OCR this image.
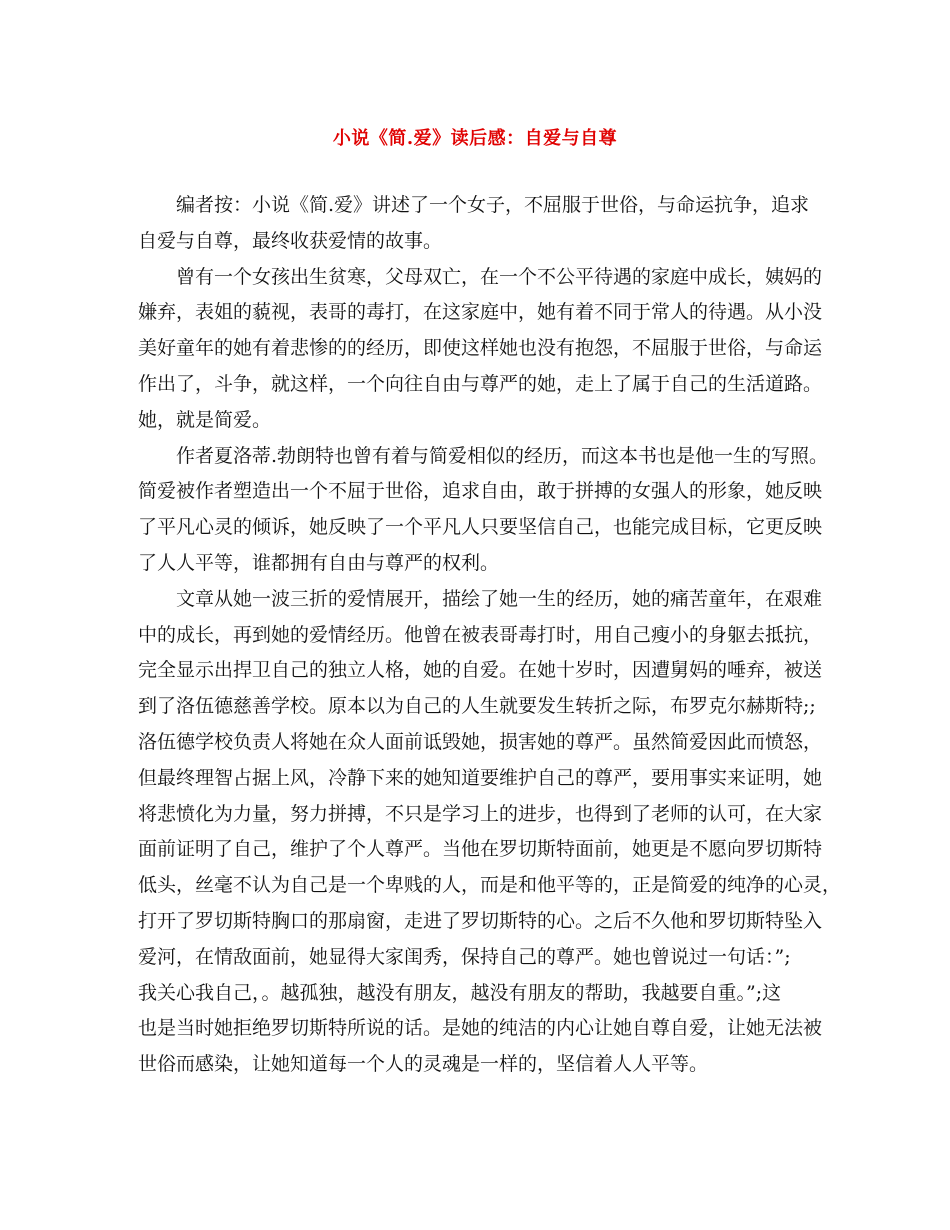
小说《简.爱》读后感：自爱与自尊

编者按：小说《简.爱》讲述了一个女子，不屈服于世俗，与命运抗争，追求
自爱与自尊，最终收获爱情的故事。

曾有一个女孩出生贫寒，父母双亡，在一个不公平待遇的家庭中成长，姨妈的
嫌弃，表姐的藐视，表哥的毒打，在这家庭中，她有着不同于常人的待遇。从小没
美好童年的她有着悲惨的的经历，即使这样她也没有抱怨，不屈服于世俗，与命运
作出了，斗争，就这样，一个向往自由与尊严的她，走上了属于自己的生活道路。
她，就是简爱。

作者夏洛蒂.勃朗特也曾有着与简爱相似的经历，而这本书也是他一生的写照。
简爱被作者塑造出一个不屈于世俗，追求自由，敢于拼搏的女强人的形象，她反映
了平凡心灵的倾诉，她反映了一个平凡人只要坚信自己，也能完成目标，它更反映
了人人平等，谁都拥有自由与尊严的权利。

文章从她一波三折的爱情展开，描绘了她一生的经历，她的痛苦童年，在艰难
中的成长，再到她的爱情经历。他曾在被表哥毒打时，用自己瘦小的身躯去抵抗，
完全显示出捍卫自己的独立人格，她的自爱。在她十岁时，因遭舅妈的唾弃，被送
到了洛伍德慈善学校。原本以为自己的人生就要发生转折之际，布罗克尔赫斯特;;
洛伍德学校负责人将她在众人面前诋毁她，损害她的尊严。虽然简爱因此而愤怒，
但最终理智占据上风，冷静下来的她知道要维护自己的尊严，要用事实来证明，她
将悲愤化为力量，努力拼搏，不只是学习上的进步，也得到了老师的认可，在大家
面前证明了自己，维护了个人尊严。当他在罗切斯特面前，她更是不愿向罗切斯特
低头，丝毫不认为自己是一个卑贱的人，而是和他平等的，正是简爱的纯净的心灵，
打开了罗切斯特胸口的那扇窗，走进了罗切斯特的心。之后不久他和罗切斯特坠入
爱河，在情敌面前，她显得大家闺秀，保持自己的尊严。她也曾说过一句话：”;
我关心我自己，。越孤独，越没有朋友，越没有朋友的帮助，我越要自重。”;这
也是当时她拒绝罗切斯特所说的话。是她的纯洁的内心让她自尊自爱，让她无法被
世俗而感染，让她知道每一个人的灵魂是一样的，坚信着人人平等。
